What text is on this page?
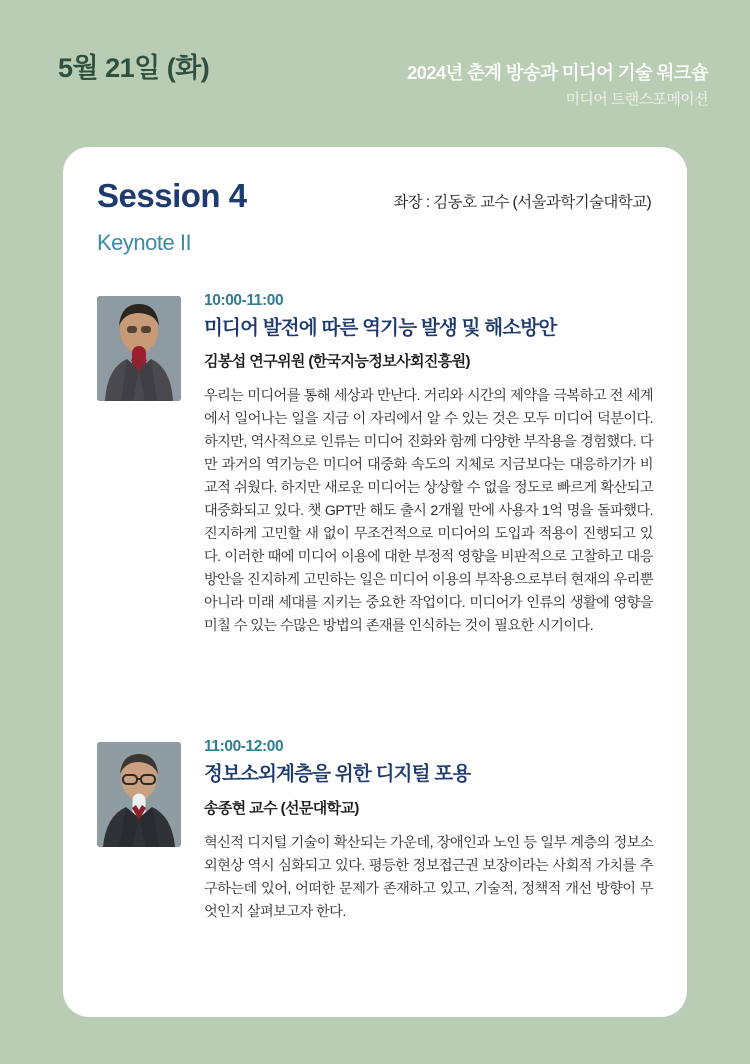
5월 21일 (화)	2024년 춘계 방송과 미디어 기술 워크숍
미디어 트랜스포메이션
Session 4	좌장 : 김동호 교수 (서울과학기술대학교)
Keynote II
10:00-11:00
미디어 발전에 따른 역기능 발생 및 해소방안
김봉섭 연구위원 (한국지능정보사회진흥원)
우리는 미디어를 통해 세상과 만난다. 거리와 시간의 제약을 극복하고 전 세계에서 일어나는 일을 지금 이 자리에서 알 수 있는 것은 모두 미디어 덕분이다. 하지만, 역사적으로 인류는 미디어 진화와 함께 다양한 부작용을 경험했다. 다만 과거의 역기능은 미디어 대중화 속도의 지체로 지금보다는 대응하기가 비교적 쉬웠다. 하지만 새로운 미디어는 상상할 수 없을 정도로 빠르게 확산되고 대중화되고 있다. 챗 GPT만 해도 출시 2개월 만에 사용자 1억 명을 돌파했다. 진지하게 고민할 새 없이 무조건적으로 미디어의 도입과 적용이 진행되고 있다. 이러한 때에 미디어 이용에 대한 부정적 영향을 비판적으로 고찰하고 대응 방안을 진지하게 고민하는 일은 미디어 이용의 부작용으로부터 현재의 우리뿐 아니라 미래 세대를 지키는 중요한 작업이다. 미디어가 인류의 생활에 영향을 미칠 수 있는 수많은 방법의 존재를 인식하는 것이 필요한 시기이다.
11:00-12:00
정보소외계층을 위한 디지털 포용
송종현 교수 (선문대학교)
혁신적 디지털 기술이 확산되는 가운데, 장애인과 노인 등 일부 계층의 정보소외현상 역시 심화되고 있다. 평등한 정보접근권 보장이라는 사회적 가치를 추구하는데 있어, 어떠한 문제가 존재하고 있고, 기술적, 정책적 개선 방향이 무엇인지 살펴보고자 한다.
